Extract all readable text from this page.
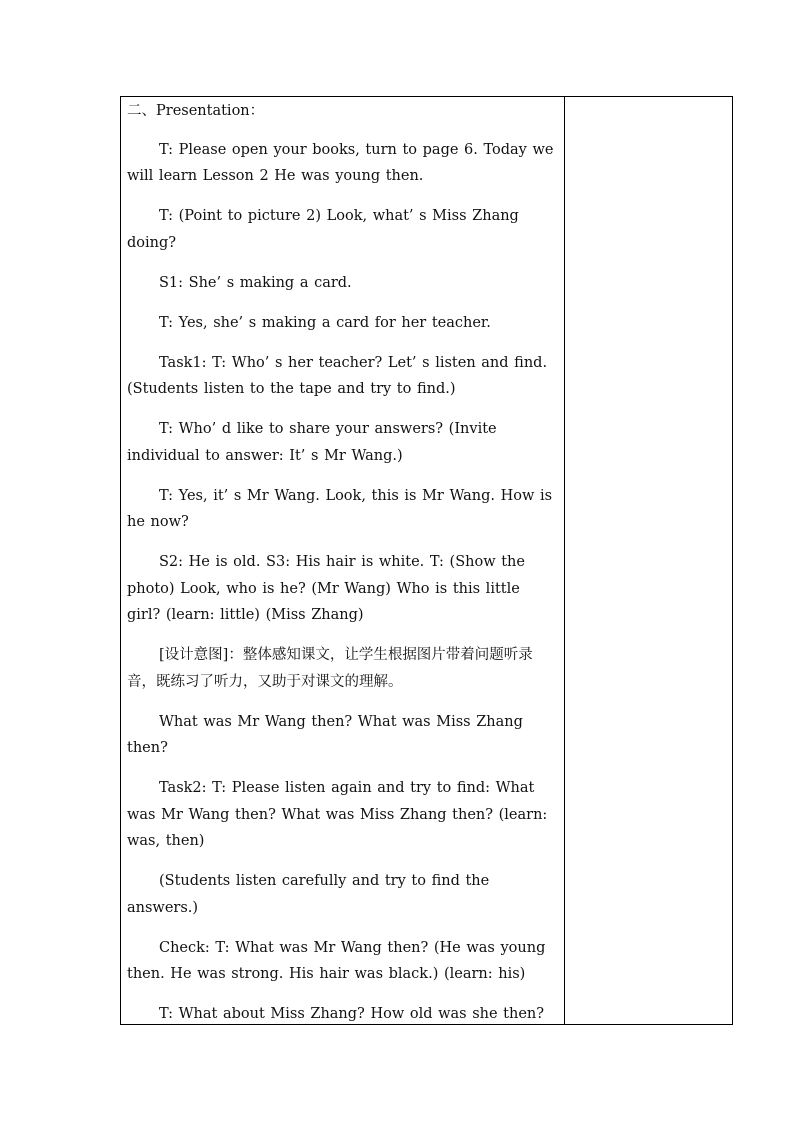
二、Presentation：

T: Please open your books, turn to page 6. Today we will learn Lesson 2 He was young then.

T: (Point to picture 2) Look, what’ s Miss Zhang doing?

S1: She’ s making a card.

T: Yes, she’ s making a card for her teacher.

Task1: T: Who’ s her teacher? Let’ s listen and find. (Students listen to the tape and try to find.)

T: Who’ d like to share your answers? (Invite individual to answer: It’ s Mr Wang.)

T: Yes, it’ s Mr Wang. Look, this is Mr Wang. How is he now?

S2: He is old. S3: His hair is white. T: (Show the photo) Look, who is he? (Mr Wang) Who is this little girl? (learn: little) (Miss Zhang)

[设计意图]：整体感知课文，让学生根据图片带着问题听录音，既练习了听力，又助于对课文的理解。

What was Mr Wang then? What was Miss Zhang then?

Task2: T: Please listen again and try to find: What was Mr Wang then? What was Miss Zhang then? (learn: was, then)

(Students listen carefully and try to find the answers.)

Check: T: What was Mr Wang then? (He was young then. He was strong. His hair was black.) (learn: his)

T: What about Miss Zhang? How old was she then?
